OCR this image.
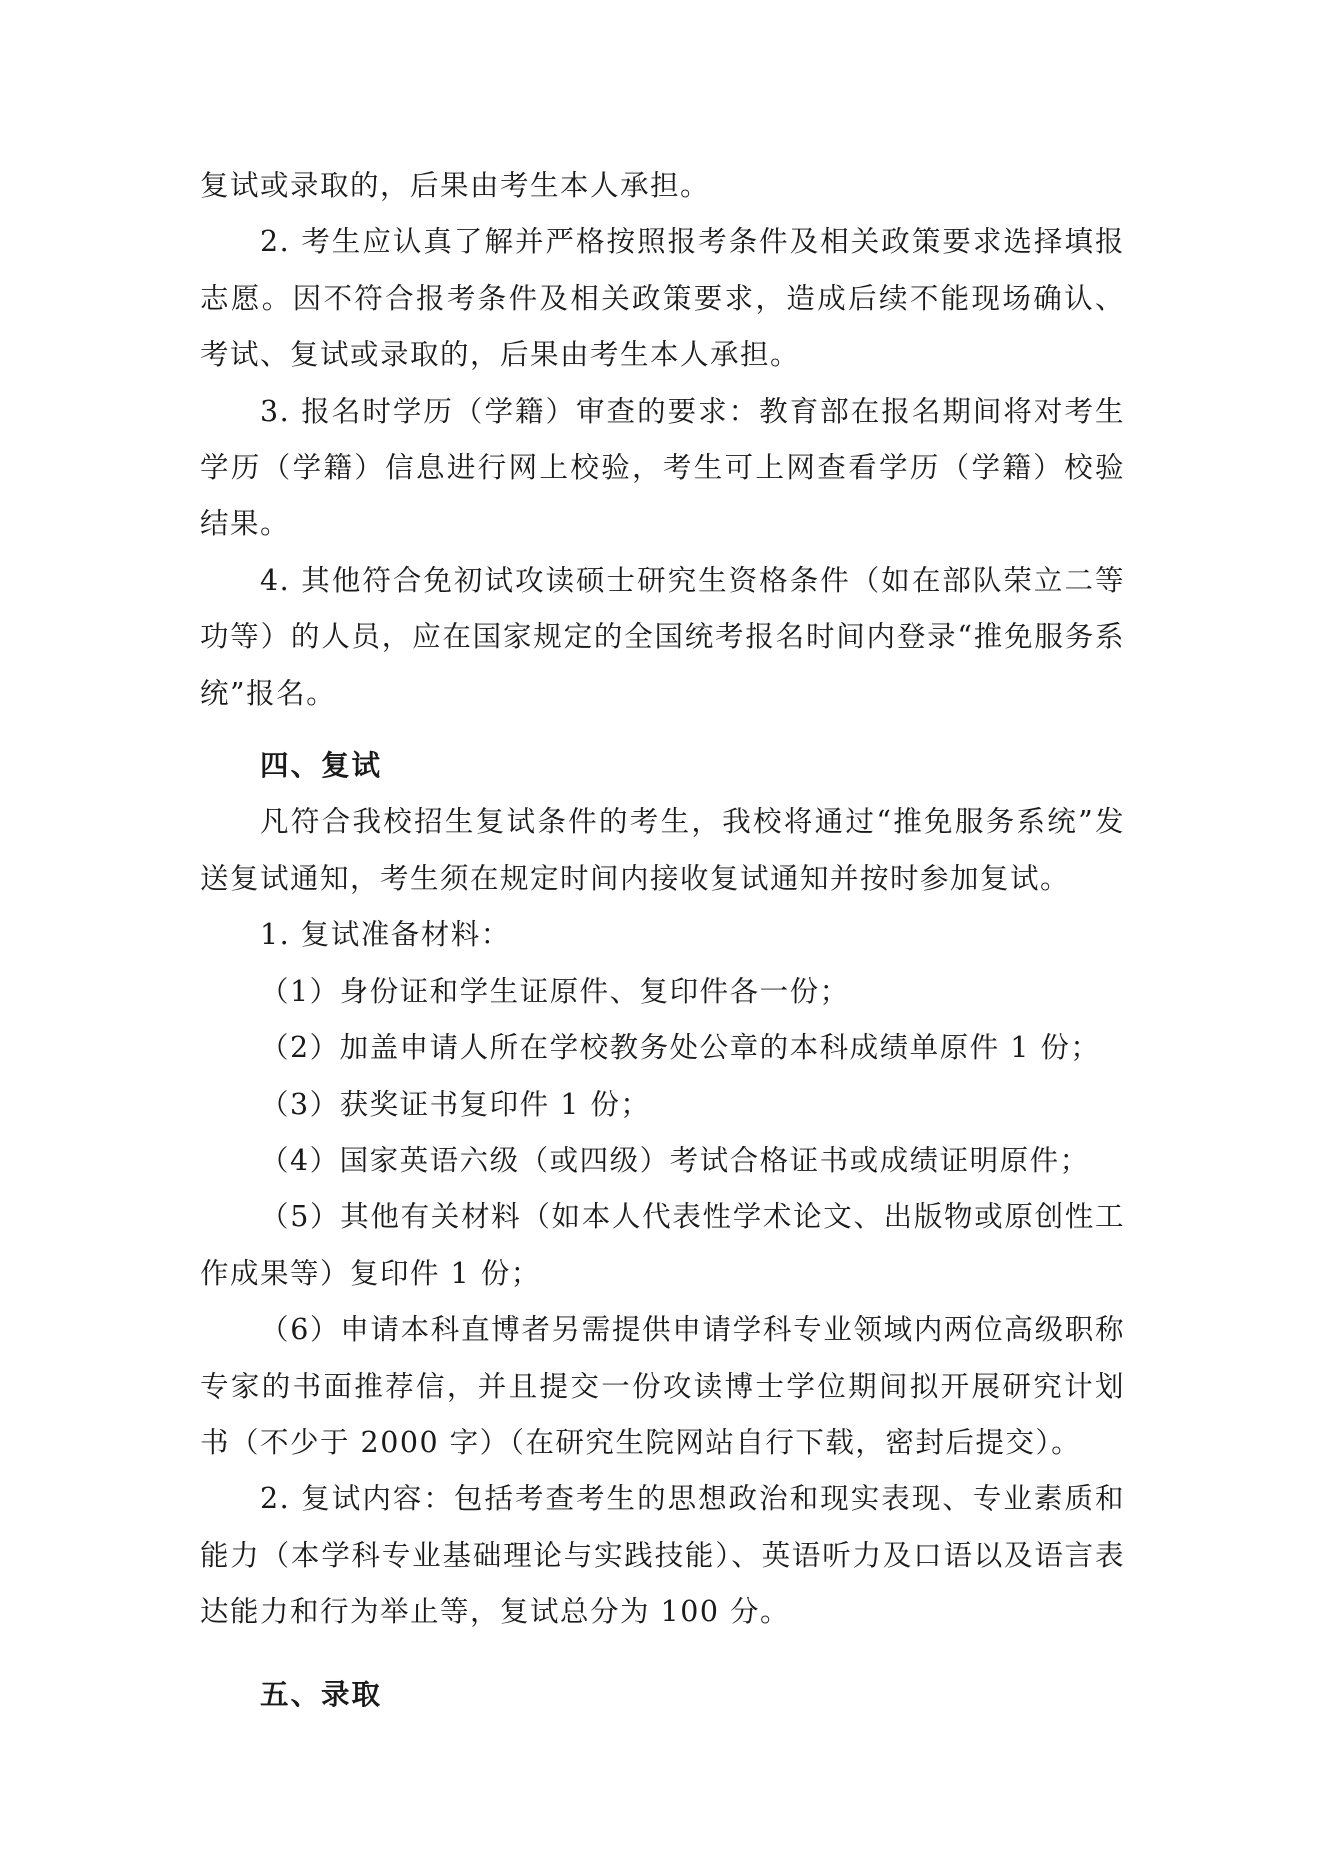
复试或录取的，后果由考生本人承担。

2. 考生应认真了解并严格按照报考条件及相关政策要求选择填报志愿。因不符合报考条件及相关政策要求，造成后续不能现场确认、考试、复试或录取的，后果由考生本人承担。

3. 报名时学历（学籍）审查的要求：教育部在报名期间将对考生学历（学籍）信息进行网上校验，考生可上网查看学历（学籍）校验结果。

4. 其他符合免初试攻读硕士研究生资格条件（如在部队荣立二等功等）的人员，应在国家规定的全国统考报名时间内登录“推免服务系统”报名。

四、复试

凡符合我校招生复试条件的考生，我校将通过“推免服务系统”发送复试通知，考生须在规定时间内接收复试通知并按时参加复试。

1. 复试准备材料：

（1）身份证和学生证原件、复印件各一份；

（2）加盖申请人所在学校教务处公章的本科成绩单原件 1 份；

（3）获奖证书复印件 1 份；

（4）国家英语六级（或四级）考试合格证书或成绩证明原件；

（5）其他有关材料（如本人代表性学术论文、出版物或原创性工作成果等）复印件 1 份；

（6）申请本科直博者另需提供申请学科专业领域内两位高级职称专家的书面推荐信，并且提交一份攻读博士学位期间拟开展研究计划书（不少于 2000 字）（在研究生院网站自行下载，密封后提交）。

2. 复试内容：包括考查考生的思想政治和现实表现、专业素质和能力（本学科专业基础理论与实践技能）、英语听力及口语以及语言表达能力和行为举止等，复试总分为 100 分。

五、录取
